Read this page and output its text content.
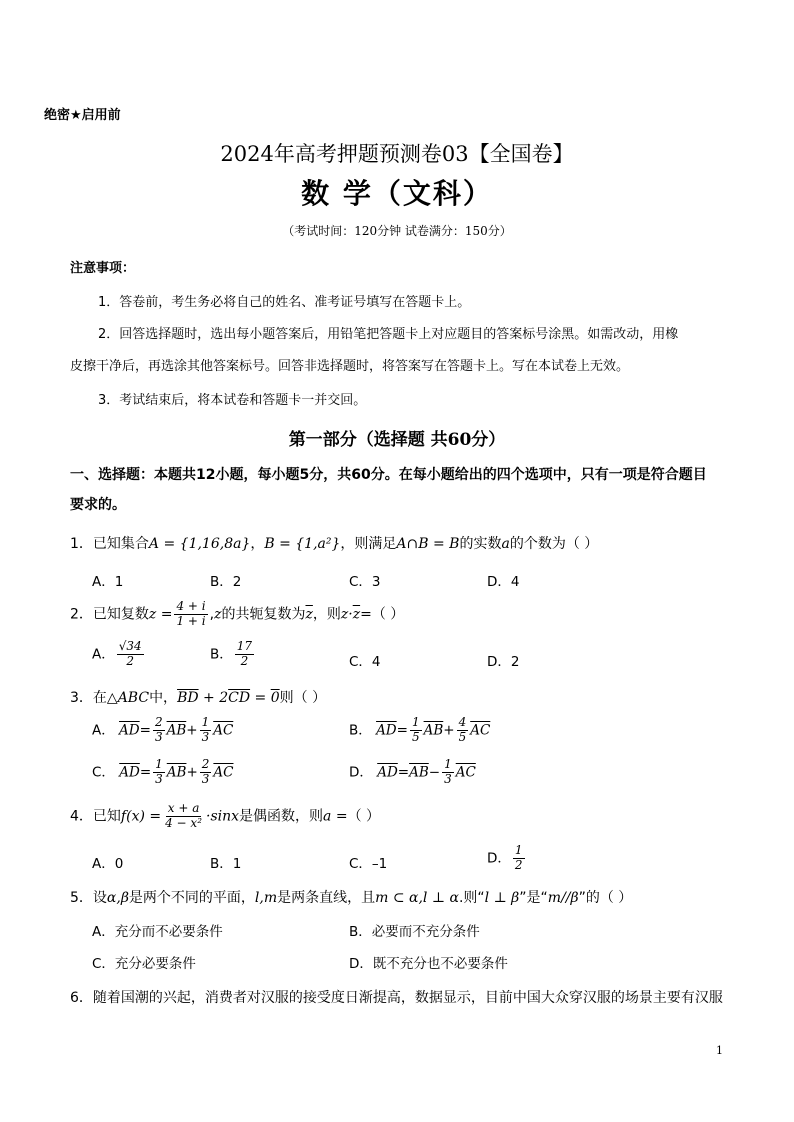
绝密★启用前
2024年高考押题预测卷03【全国卷】
数 学（文科）
（考试时间：120分钟 试卷满分：150分）
注意事项：
1．答卷前，考生务必将自己的姓名、准考证号填写在答题卡上。
2．回答选择题时，选出每小题答案后，用铅笔把答题卡上对应题目的答案标号涂黑。如需改动，用橡
皮擦干净后，再选涂其他答案标号。回答非选择题时，将答案写在答题卡上。写在本试卷上无效。
3．考试结束后，将本试卷和答题卡一并交回。
第一部分（选择题 共60分）
一、选择题：本题共12小题，每小题5分，共60分。在每小题给出的四个选项中，只有一项是符合题目
要求的。
1．已知集合A = {1,16,8a}，B = {1,a²}，则满足A∩B = B的实数a的个数为（ ）
A．1	B．2	C．3	D．4
2．已知复数$z = \frac{4 + i}{1 + i} ,z$的共轭复数为$\overline{z}$，则$z\cdot\overline{z}=$（ ）
A． $\frac{√34}{2}$	B． $\frac{17}{2}$	C．4	D．2
3．在△ABC中，$\overline{BD} + 2\overline{CD} = 0$则（ ）
A． $\overline{AD}= \frac{2}{3} \overline{AB}+ \frac{1}{3} \overline{AC}$	B． $\overline{AD}= \frac{1}{5} \overline{AB}+ \frac{4}{5} \overline{AC}$
C． $\overline{AD}= \frac{1}{3} \overline{AB}+ \frac{2}{3} \overline{AC}$	D． $\overline{AD}=\overline{AB}- \frac{1}{3} \overline{AC}$
4．已知$f(x) = \frac{x + a}{\text{4 − x²}} \cdot\sin x$是偶函数，则a =（ ）
A．0	B．1	C．–1	D． $\frac{1}{2}$
5．设α,β是两个不同的平面，l,m是两条直线，且m ⊂ α,l ⊥ α.则“l ⊥ β”是“m//β”的（ ）
A．充分而不必要条件	B．必要而不充分条件
C．充分必要条件	D．既不充分也不必要条件
6．随着国潮的兴起，消费者对汉服的接受度日渐提高，数据显示，目前中国大众穿汉服的场景主要有汉服
1
